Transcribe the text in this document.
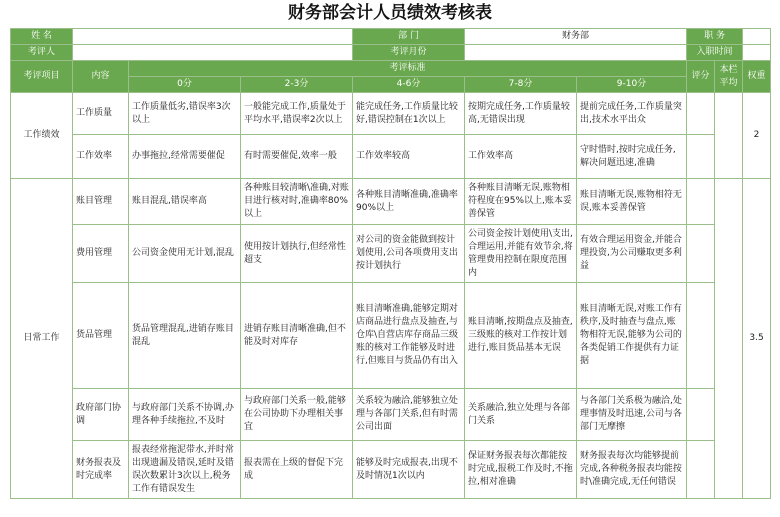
财务部会计人员绩效考核表
姓 名				部 门	财务部		职 务		
考评人				考评月份			入职时间		
考评项目	内容	考评标准					评分	本栏平均	权重
		0分	2-3分	4-6分	7-8分	9-10分			
工作绩效	工作质量	工作质量低劣,错误率3次以上	一般能完成工作,质量处于平均水平,错误率2次以上	能完成任务,工作质量比较好,错误控制在1次以上	按期完成任务,工作质量较高,无错误出现	提前完成任务,工作质量突出,技术水平出众			2
	工作效率	办事拖拉,经常需要催促	有时需要催促,效率一般	工作效率较高	工作效率高	守时惜时,按时完成任务,解决问题迅速,准确			
日常工作	账目管理	账目混乱,错误率高	各种账目较清晰\准确,对账目进行核对时,准确率80%以上	各种账目清晰准确,准确率90%以上	各种账目清晰无误,账物相符程度在95%以上,账本妥善保管	账目清晰无误,账物相符无误,账本妥善保管			3.5
	费用管理	公司资金使用无计划,混乱	使用按计划执行,但经常性超支	对公司的资金能做到按计划使用,公司各项费用支出按计划执行	公司资金按计划使用\支出,合理运用,并能有效节余,将管理费用控制在限度范围内	有效合理运用资金,并能合理投资,为公司赚取更多利益			
	货品管理	货品管理混乱,进销存账目混乱	进销存账目清晰准确,但不能及时对库存	账目清晰准确,能够定期对店商品进行盘点及抽查,与仓库\自营店库存商品三级账的核对工作能够及时进行,但账目与货品仍有出入	账目清晰,按期盘点及抽查,三级账的核对工作按计划进行,账目货品基本无误	账目清晰无误,对账工作有秩序,及时抽查与盘点,账物相符无误,能够为公司的各类促销工作提供有力证据			
	政府部门协调	与政府部门关系不协调,办理各种手续拖拉,不及时	与政府部门关系一般,能够在公司协助下办理相关事宜	关系较为融洽,能够独立处理与各部门关系,但有时需公司出面	关系融洽,独立处理与各部门关系	与各部门关系极为融洽,处理事情及时迅速,公司与各部门无摩擦			
	财务报表及时完成率	报表经常拖泥带水,并时常出现遗漏及错误,延时及错误次数累计3次以上,税务工作有错误发生	报表需在上级的督促下完成	能够及时完成报表,出现不及时情况1次以内	保证财务报表每次都能按时完成,报税工作及时,不拖拉,相对准确	财务报表每次均能够提前完成,各种税务报表均能按时\准确完成,无任何错误			
